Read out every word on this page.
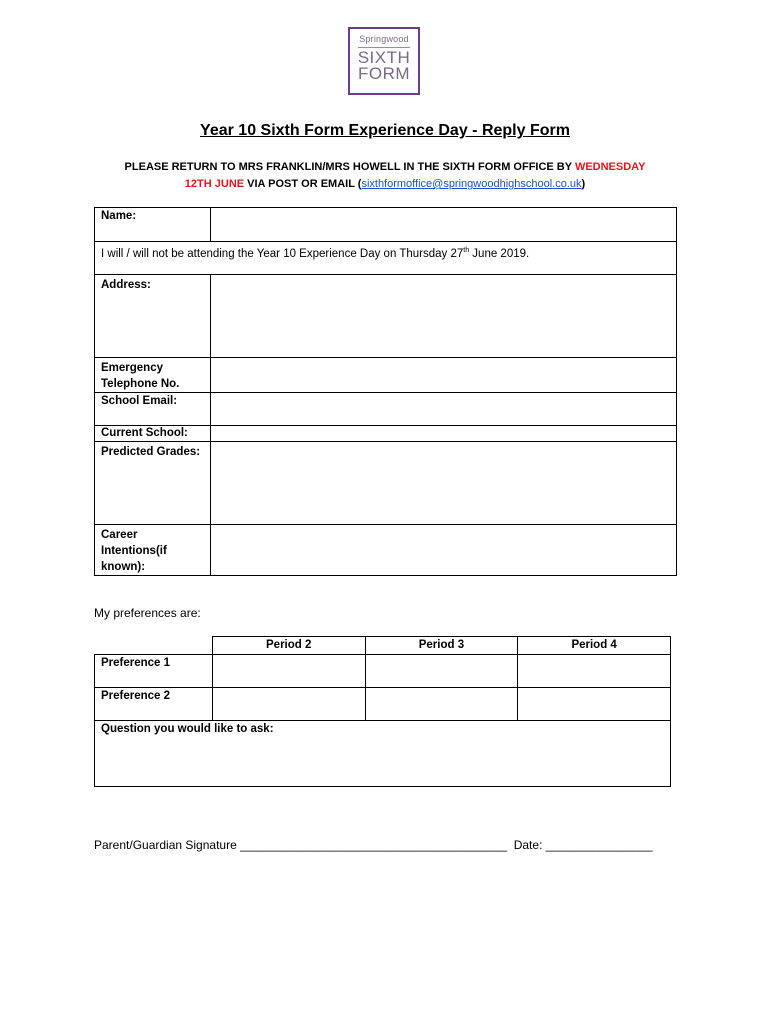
Springwood
SIXTH
FORM
Year 10 Sixth Form Experience Day - Reply Form
PLEASE RETURN TO MRS FRANKLIN/MRS HOWELL IN THE SIXTH FORM OFFICE BY WEDNESDAY
12TH JUNE VIA POST OR EMAIL (sixthformoffice@springwoodhighschool.co.uk)
Name:	
I will / will not be attending the Year 10 Experience Day on Thursday 27th June 2019.	
Address:	
Emergency Telephone No.	
School Email:	
Current School:	
Predicted Grades:	
Career Intentions(if known):	
My preferences are:
	Period 2	Period 3	Period 4
Preference 1			
Preference 2			
Question you would like to ask:			
Parent/Guardian Signature ________________________________________ Date: ________________
